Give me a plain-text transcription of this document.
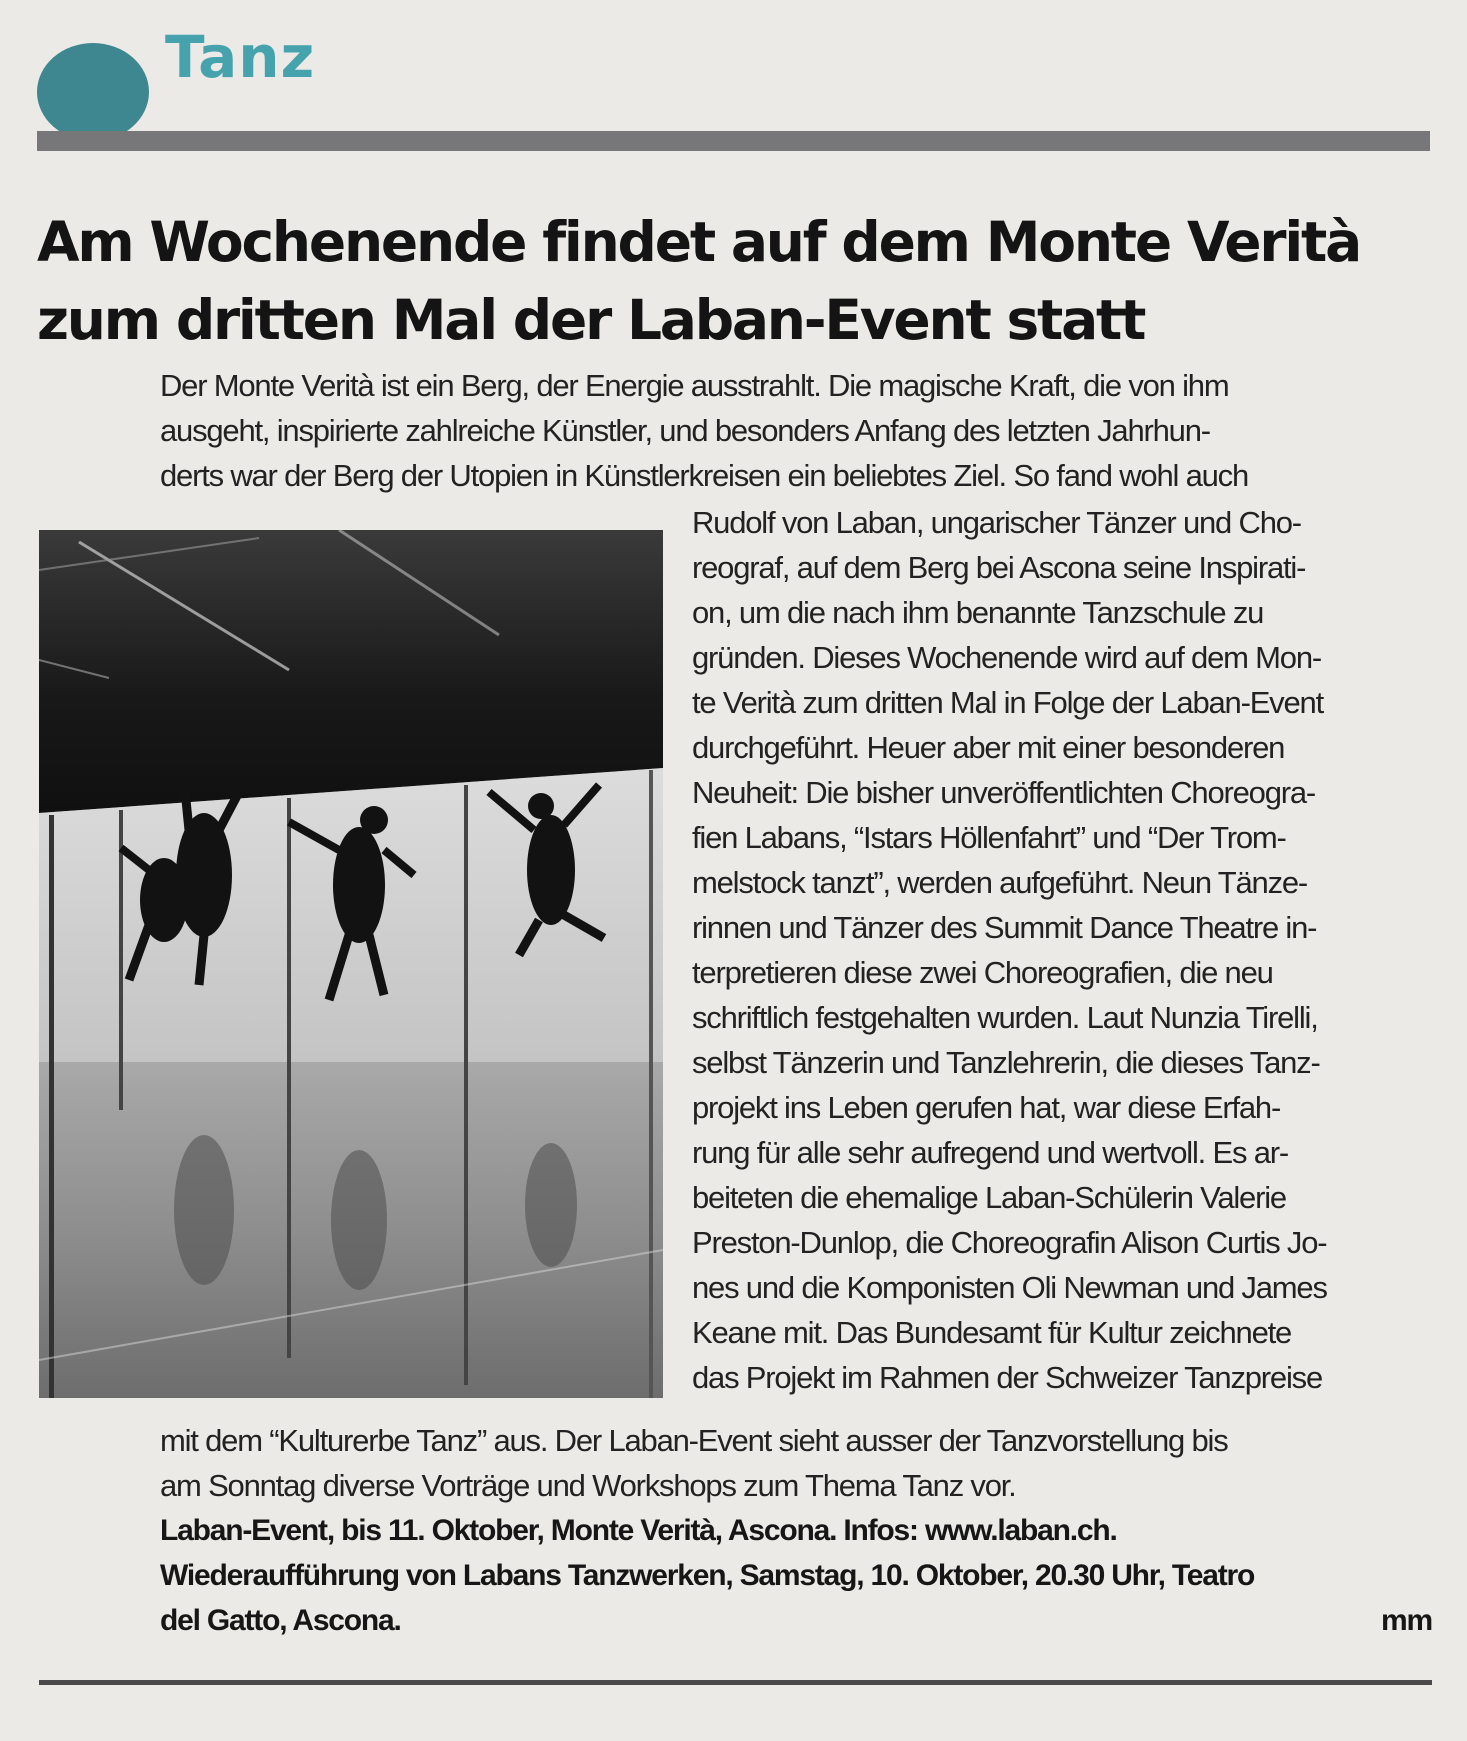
Tanz
Am Wochenende findet auf dem Monte Verità
zum dritten Mal der Laban-Event statt

Der Monte Verità ist ein Berg, der Energie ausstrahlt. Die magische Kraft, die von ihm
ausgeht, inspirierte zahlreiche Künstler, und besonders Anfang des letzten Jahrhun-
derts war der Berg der Utopien in Künstlerkreisen ein beliebtes Ziel. So fand wohl auch

Rudolf von Laban, ungarischer Tänzer und Cho-
reograf, auf dem Berg bei Ascona seine Inspirati-
on, um die nach ihm benannte Tanzschule zu
gründen. Dieses Wochenende wird auf dem Mon-
te Verità zum dritten Mal in Folge der Laban-Event
durchgeführt. Heuer aber mit einer besonderen
Neuheit: Die bisher unveröffentlichten Choreogra-
fien Labans, “Istars Höllenfahrt” und “Der Trom-
melstock tanzt”, werden aufgeführt. Neun Tänze-
rinnen und Tänzer des Summit Dance Theatre in-
terpretieren diese zwei Choreografien, die neu
schriftlich festgehalten wurden. Laut Nunzia Tirelli,
selbst Tänzerin und Tanzlehrerin, die dieses Tanz-
projekt ins Leben gerufen hat, war diese Erfah-
rung für alle sehr aufregend und wertvoll. Es ar-
beiteten die ehemalige Laban-Schülerin Valerie
Preston-Dunlop, die Choreografin Alison Curtis Jo-
nes und die Komponisten Oli Newman und James
Keane mit. Das Bundesamt für Kultur zeichnete
das Projekt im Rahmen der Schweizer Tanzpreise

mit dem “Kulturerbe Tanz” aus. Der Laban-Event sieht ausser der Tanzvorstellung bis
am Sonntag diverse Vorträge und Workshops zum Thema Tanz vor.

Laban-Event, bis 11. Oktober, Monte Verità, Ascona. Infos: www.laban.ch.
Wiederaufführung von Labans Tanzwerken, Samstag, 10. Oktober, 20.30 Uhr, Teatro
del Gatto, Ascona.	mm
